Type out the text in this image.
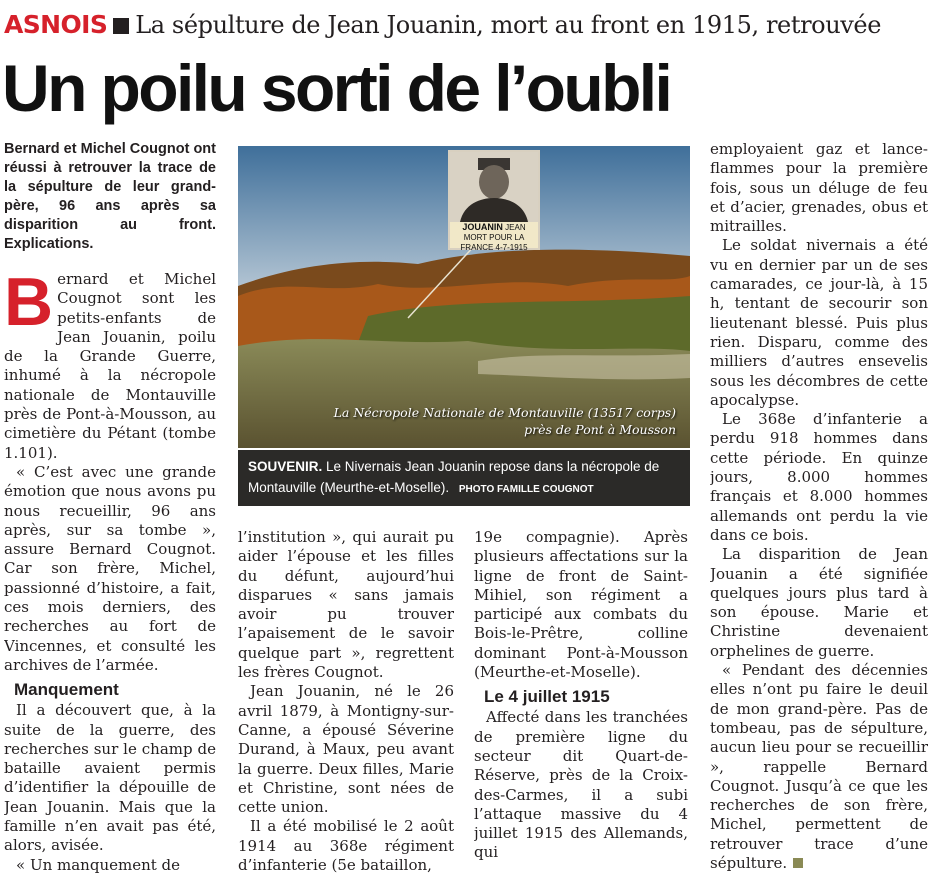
ASNOIS La sépulture de Jean Jouanin, mort au front en 1915, retrouvée
Un poilu sorti de l’oubli

Bernard et Michel Cougnot ont réussi à retrouver la trace de la sépulture de leur grand-père, 96 ans après sa disparition au front. Explications.

Bernard et Michel Cougnot sont les petits-enfants de Jean Jouanin, poilu de la Grande Guerre, inhumé à la nécropole nationale de Montauville près de Pont-à-Mousson, au cimetière du Pétant (tombe 1.101).

« C’est avec une grande émotion que nous avons pu nous recueillir, 96 ans après, sur sa tombe », assure Bernard Cougnot. Car son frère, Michel, passionné d’histoire, a fait, ces mois derniers, des recherches au fort de Vincennes, et consulté les archives de l’armée.

Manquement

Il a découvert que, à la suite de la guerre, des recherches sur le champ de bataille avaient permis d’identifier la dépouille de Jean Jouanin. Mais que la famille n’en avait pas été, alors, avisée.

« Un manquement de

JOUANIN JEAN
MORT POUR LA FRANCE 4-7-1915
La Nécropole Nationale de Montauville (13517 corps)
près de Pont à Mousson
SOUVENIR. Le Nivernais Jean Jouanin repose dans la nécropole de Montauville (Meurthe-et-Moselle). PHOTO FAMILLE COUGNOT

l’institution », qui aurait pu aider l’épouse et les filles du défunt, aujourd’hui disparues « sans jamais avoir pu trouver l’apaisement de le savoir quelque part », regrettent les frères Cougnot.

Jean Jouanin, né le 26 avril 1879, à Montigny-sur-Canne, a épousé Séverine Durand, à Maux, peu avant la guerre. Deux filles, Marie et Christine, sont nées de cette union.

Il a été mobilisé le 2 août 1914 au 368e régiment d’infanterie (5e bataillon,

19e compagnie). Après plusieurs affectations sur la ligne de front de Saint-Mihiel, son régiment a participé aux combats du Bois-le-Prêtre, colline dominant Pont-à-Mousson (Meurthe-et-Moselle).

Le 4 juillet 1915

Affecté dans les tranchées de première ligne du secteur dit Quart-de-Réserve, près de la Croix-des-Carmes, il a subi l’attaque massive du 4 juillet 1915 des Allemands, qui

employaient gaz et lance-flammes pour la première fois, sous un déluge de feu et d’acier, grenades, obus et mitrailles.

Le soldat nivernais a été vu en dernier par un de ses camarades, ce jour-là, à 15 h, tentant de secourir son lieutenant blessé. Puis plus rien. Disparu, comme des milliers d’autres ensevelis sous les décombres de cette apocalypse.

Le 368e d’infanterie a perdu 918 hommes dans cette période. En quinze jours, 8.000 hommes français et 8.000 hommes allemands ont perdu la vie dans ce bois.

La disparition de Jean Jouanin a été signifiée quelques jours plus tard à son épouse. Marie et Christine devenaient orphelines de guerre.

« Pendant des décennies elles n’ont pu faire le deuil de mon grand-père. Pas de tombeau, pas de sépulture, aucun lieu pour se recueillir », rappelle Bernard Cougnot. Jusqu’à ce que les recherches de son frère, Michel, permettent de retrouver trace d’une sépulture.
